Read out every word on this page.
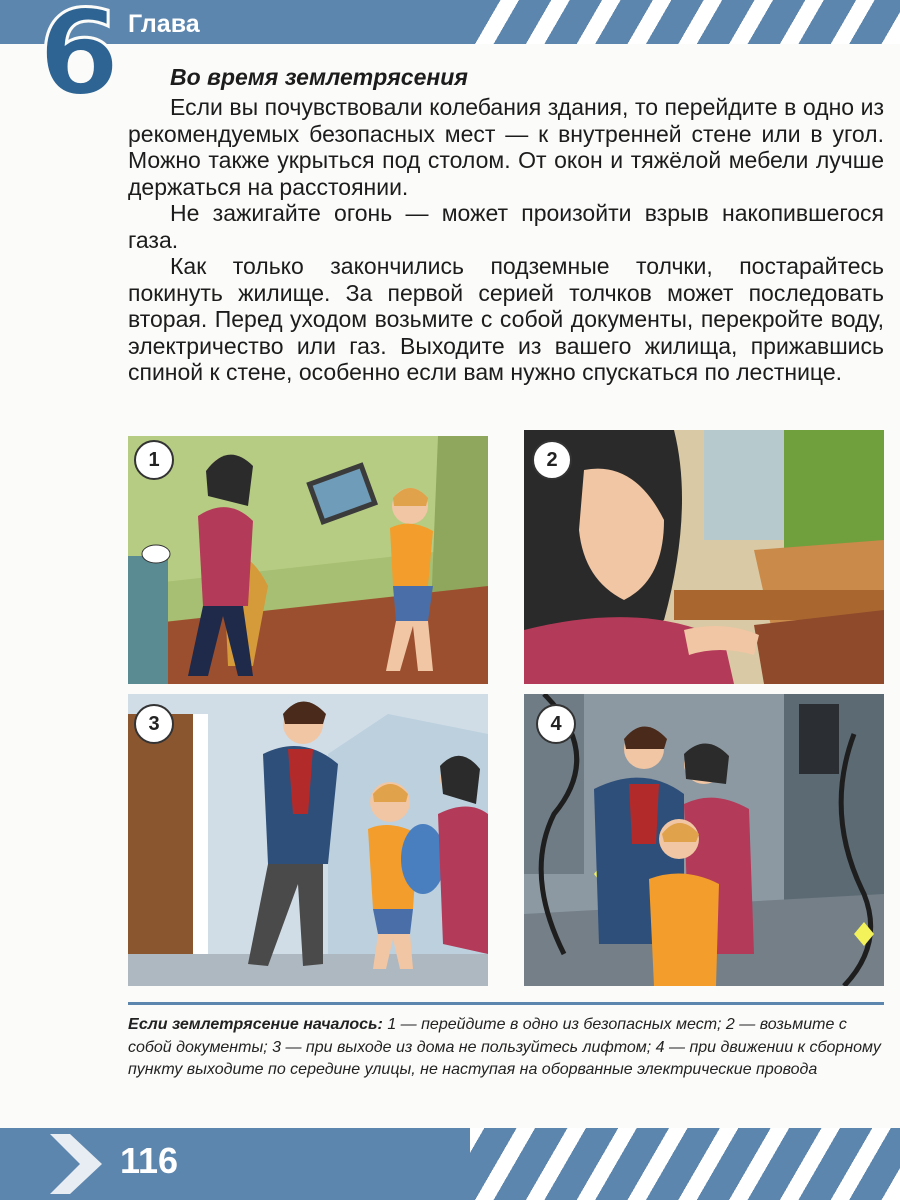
6 Глава
Во время землетрясения

Если вы почувствовали колебания здания, то перейдите в одно из рекомендуемых безопасных мест — к внутренней стене или в угол. Можно также укрыться под столом. От окон и тяжёлой мебели лучше держаться на расстоянии.

Не зажигайте огонь — может произойти взрыв накопившегося газа.

Как только закончились подземные толчки, постарайтесь покинуть жилище. За первой серией толчков может последовать вторая. Перед уходом возьмите с собой документы, перекройте воду, электричество или газ. Выходите из вашего жилища, прижавшись спиной к стене, особенно если вам нужно спускаться по лестнице.

1	2
3	4
Если землетрясение началось: 1 — перейдите в одно из безопасных мест; 2 — возьмите с собой документы; 3 — при выходе из дома не пользуйтесь лифтом; 4 — при движении к сборному пункту выходите по середине улицы, не наступая на оборванные электрические провода
116
